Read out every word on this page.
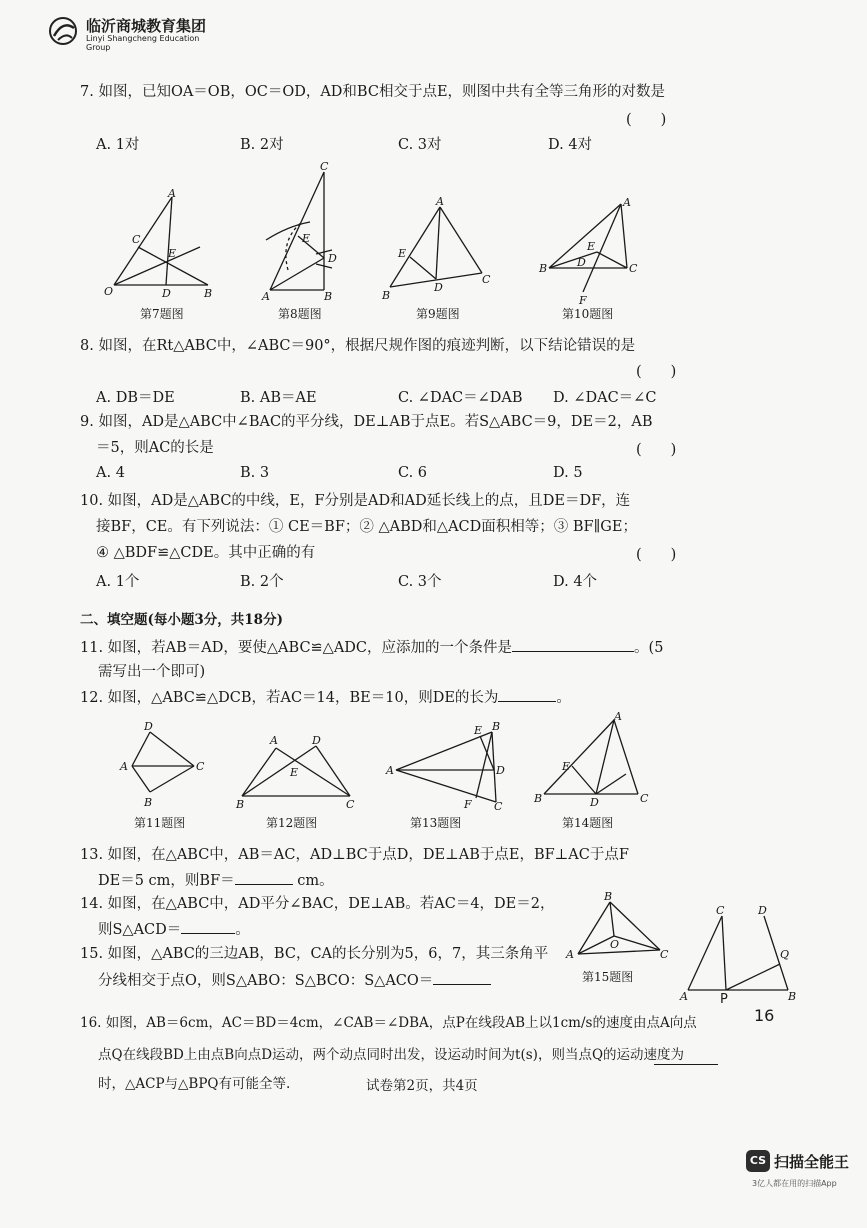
临沂商城教育集团
Linyi Shangcheng Education Group
7. 如图，已知OA＝OB，OC＝OD，AD和BC相交于点E，则图中共有全等三角形的对数是
(　　)
A. 1对	B. 2对	C. 3对	D. 4对
A
C
E
O	D	B
第7题图
C
E
D
A	B
第8题图
A
E
B
D
C
第9题图
A
E
B	D	C
F
第10题图
8. 如图，在Rt△ABC中，∠ABC＝90°，根据尺规作图的痕迹判断，以下结论错误的是
(　　)
A. DB＝DE	B. AB＝AE	C. ∠DAC＝∠DAB D. ∠DAC＝∠C
9. 如图，AD是△ABC中∠BAC的平分线，DE⊥AB于点E。若S△ABC＝9，DE＝2，AB
＝5，则AC的长是	(　　)
A. 4	B. 3	C. 6	D. 5
10. 如图，AD是△ABC的中线，E，F分别是AD和AD延长线上的点，且DE＝DF，连
接BF，CE。有下列说法：① CE＝BF；② △ABD和△ACD面积相等；③ BF∥GE；
④ △BDF≌△CDE。其中正确的有	(　　)
A. 1个	B. 2个	C. 3个	D. 4个
二、填空题(每小题3分，共18分)
11. 如图，若AB＝AD，要使△ABC≌△ADC，应添加的一个条件是	。(5
需写出一个即可)
12. 如图，△ABC≌△DCB，若AC＝14，BE＝10，则DE的长为	。
D
A	C
B
第11题图
A	D
E
B	C
第12题图
A
E B
D
F C
第13题图
A
E
B	D	C
第14题图
13. 如图，在△ABC中，AB＝AC，AD⊥BC于点D，DE⊥AB于点E，BF⊥AC于点F
DE＝5 cm，则BF＝	cm。
14. 如图，在△ABC中，AD平分∠BAC，DE⊥AB。若AC＝4，DE＝2，
则S△ACD＝	。
15. 如图，△ABC的三边AB，BC，CA的长分别为5，6，7，其三条角平
分线相交于点O，则S△ABO：S△BCO：S△ACO＝
B
A
O
C
第15题图
C	D
Q
A	B
P
16
16. 如图，AB＝6cm，AC＝BD＝4cm，∠CAB＝∠DBA，点P在线段AB上以1cm/s的速度由点A向点
点Q在线段BD上由点B向点D运动，两个动点同时出发，设运动时间为t(s)，则当点Q的运动速度为
时，△ACP与△BPQ有可能全等.	试卷第2页，共4页
CS 扫描全能王
3亿人都在用的扫描App
